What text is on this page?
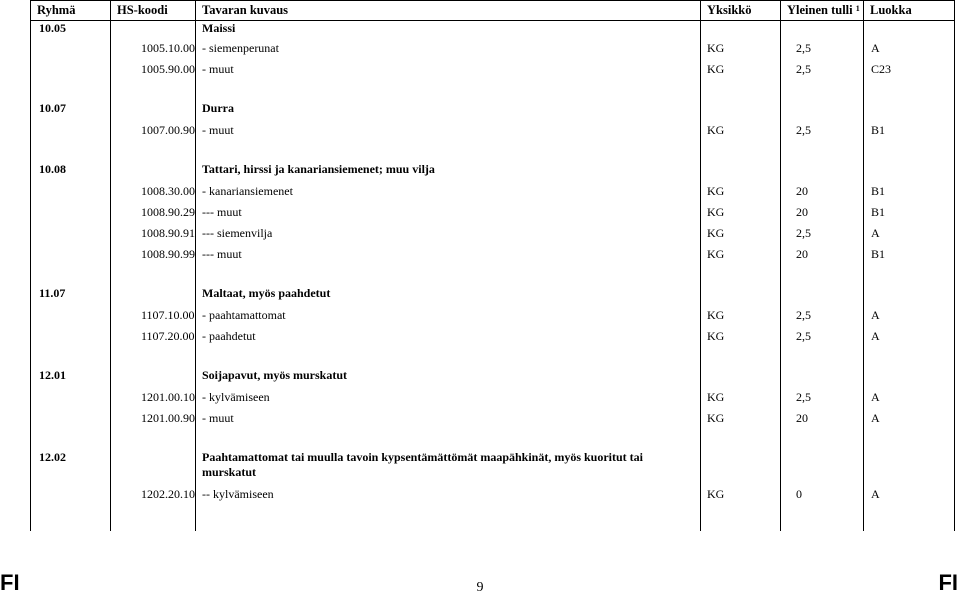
Ryhmä	HS-koodi	Tavaran kuvaus	Yksikkö	Yleinen tulli $^1$	Luokka
10.05		Maissi			
	1005.10.00	- siemenperunat	KG	2,5	A
	1005.90.00	- muut	KG	2,5	C23

10.07		Durra			
	1007.00.90	- muut	KG	2,5	B1

10.08		Tattari, hirssi ja kanariansiemenet; muu vilja			
	1008.30.00	- kanariansiemenet	KG	20	B1
	1008.90.29	--- muut	KG	20	B1
	1008.90.91	--- siemenvilja	KG	2,5	A
	1008.90.99	--- muut	KG	20	B1

11.07		Maltaat, myös paahdetut			
	1107.10.00	- paahtamattomat	KG	2,5	A
	1107.20.00	- paahdetut	KG	2,5	A

12.01		Soijapavut, myös murskatut			
	1201.00.10	- kylvämiseen	KG	2,5	A
	1201.00.90	- muut	KG	20	A

12.02		Paahtamattomat tai muulla tavoin kypsentämättömät maapähkinät, myös kuoritut tai murskatut			
	1202.20.10	-- kylvämiseen	KG	0	A

FI	9	FI
